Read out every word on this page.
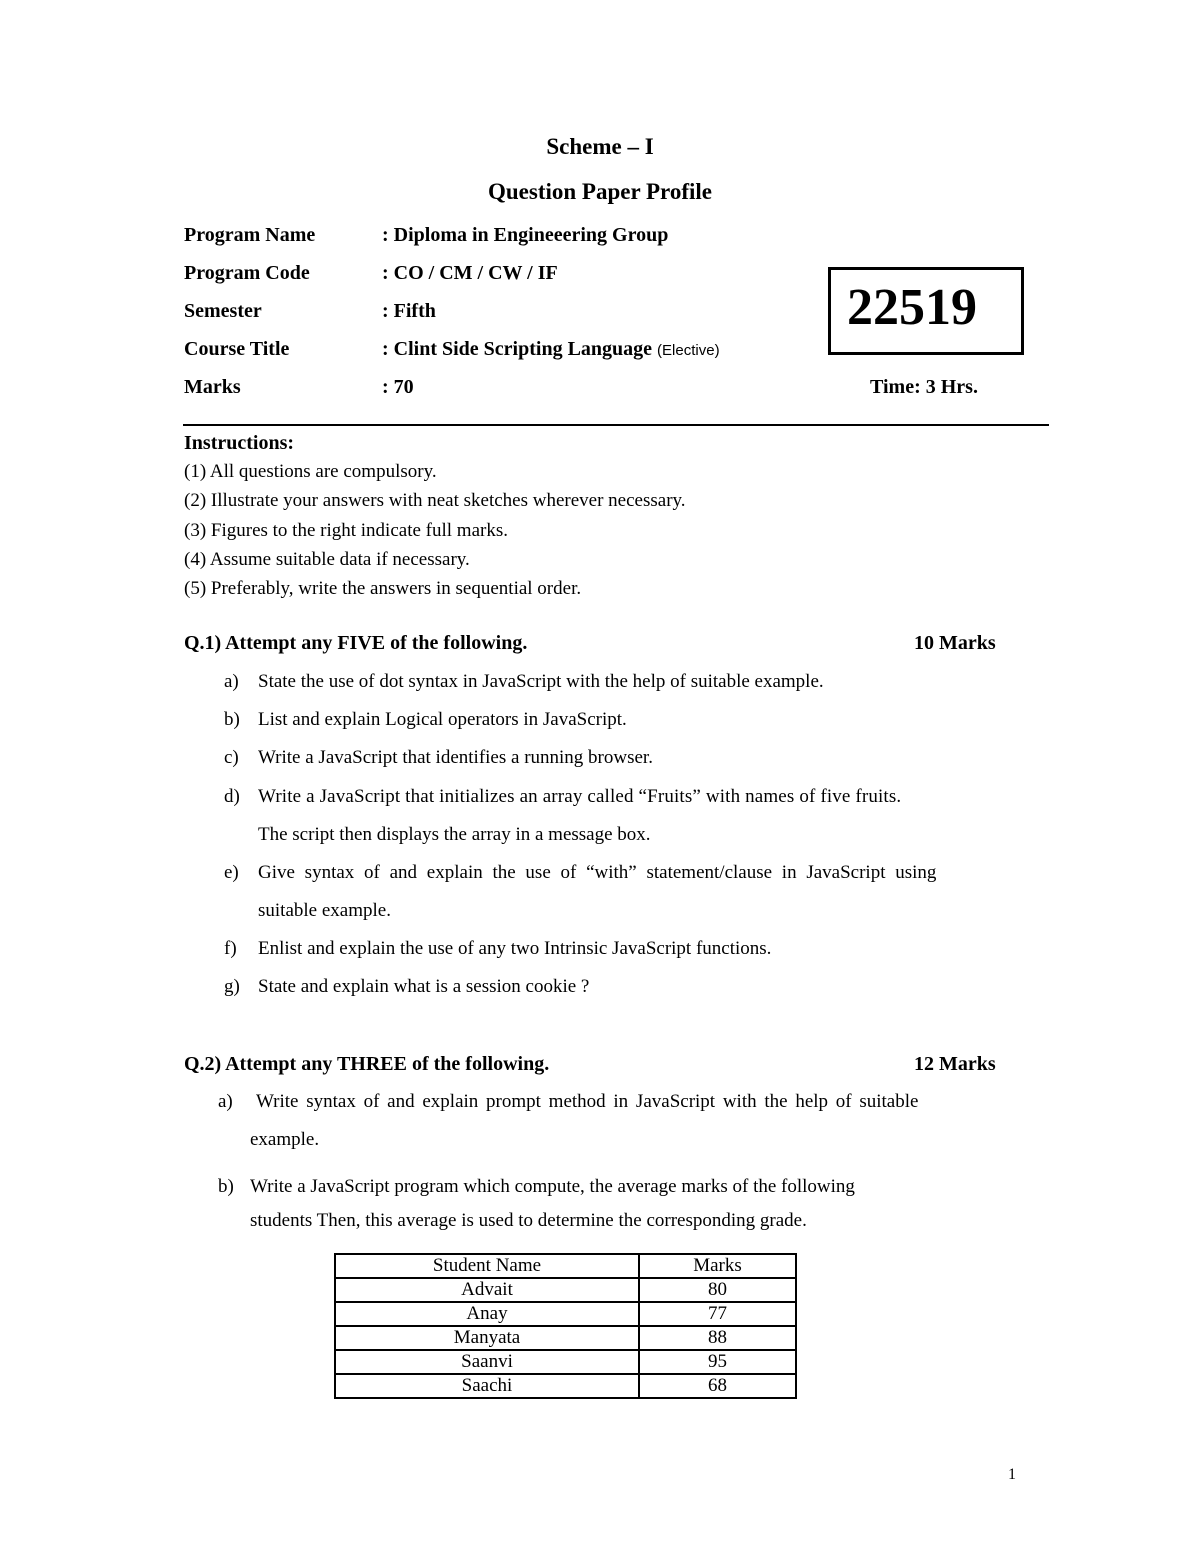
Scheme – I
Question Paper Profile
Program Name	: Diploma in Engineeering Group
Program Code	: CO / CM / CW / IF
Semester	: Fifth
Course Title	: Clint Side Scripting Language (Elective)
Marks	: 70
22519
Time: 3 Hrs.
Instructions:
(1) All questions are compulsory.
(2) Illustrate your answers with neat sketches wherever necessary.
(3) Figures to the right indicate full marks.
(4) Assume suitable data if necessary.
(5) Preferably, write the answers in sequential order.
Q.1) Attempt any FIVE of the following.	10 Marks
a) State the use of dot syntax in JavaScript with the help of suitable example.
b) List and explain Logical operators in JavaScript.
c) Write a JavaScript that identifies a running browser.
d) Write a JavaScript that initializes an array called “Fruits” with names of five fruits.
The script then displays the array in a message box.
e) Give syntax of and explain the use of “with” statement/clause in JavaScript using
suitable example.
f) Enlist and explain the use of any two Intrinsic JavaScript functions.
g) State and explain what is a session cookie ?
Q.2) Attempt any THREE of the following.	12 Marks
a) Write syntax of and explain prompt method in JavaScript with the help of suitable
example.
b) Write a JavaScript program which compute, the average marks of the following
students Then, this average is used to determine the corresponding grade.
Student Name	Marks
Advait	80
Anay	77
Manyata	88
Saanvi	95
Saachi	68
1
